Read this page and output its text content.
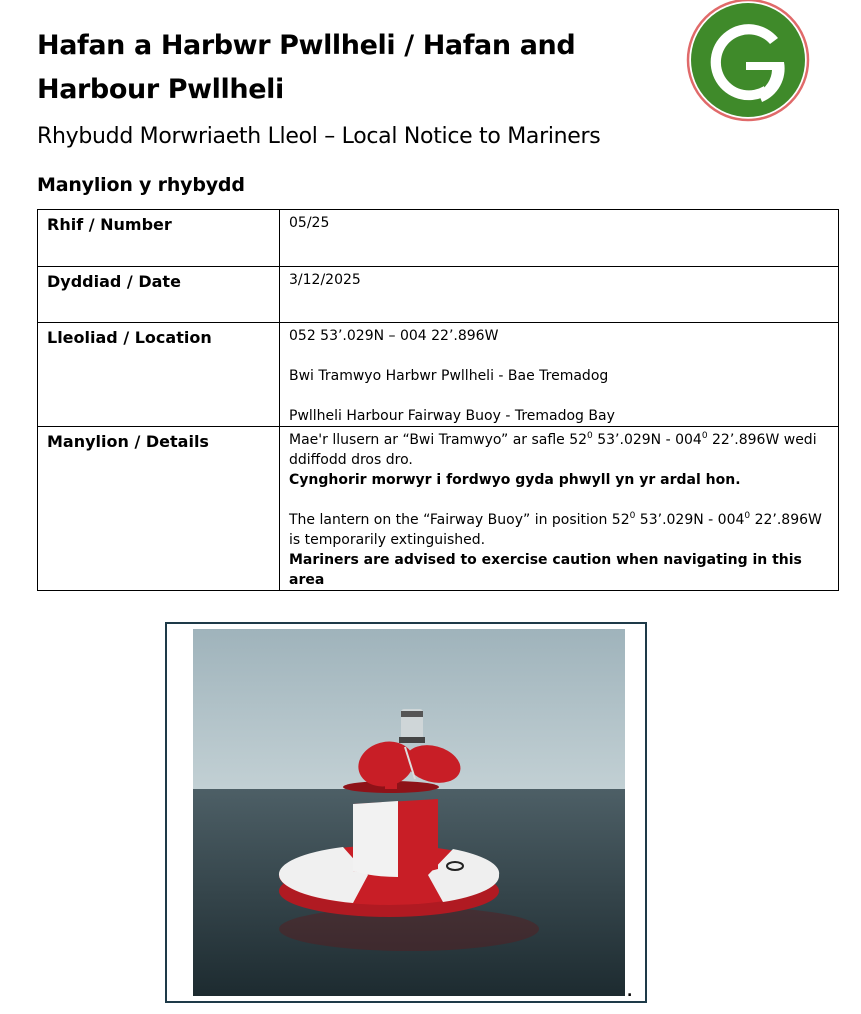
Hafan a Harbwr Pwllheli / Hafan and Harbour Pwllheli
Rhybudd Morwriaeth Lleol – Local Notice to Mariners
Manylion y rhybydd
Rhif / Number	05/25
Dyddiad / Date	3/12/2025
Lleoliad / Location	052 53’.029N – 004 22’.896W

Bwi Tramwyo Harbwr Pwllheli - Bae Tremadog

Pwllheli Harbour Fairway Buoy - Tremadog Bay

Manylion / Details	Mae'r llusern ar “Bwi Tramwyo” ar safle $52^0$ 53’.029N - $004^0$ 22’.896W wedi ddiffodd dros dro.

Cynghorir morwyr i fordwyo gyda phwyll yn yr ardal hon.

The lantern on the “Fairway Buoy” in position $52^0$ 53’.029N - $004^0$ 22’.896W is temporarily extinguished.

Mariners are advised to exercise caution when navigating in this area

.
